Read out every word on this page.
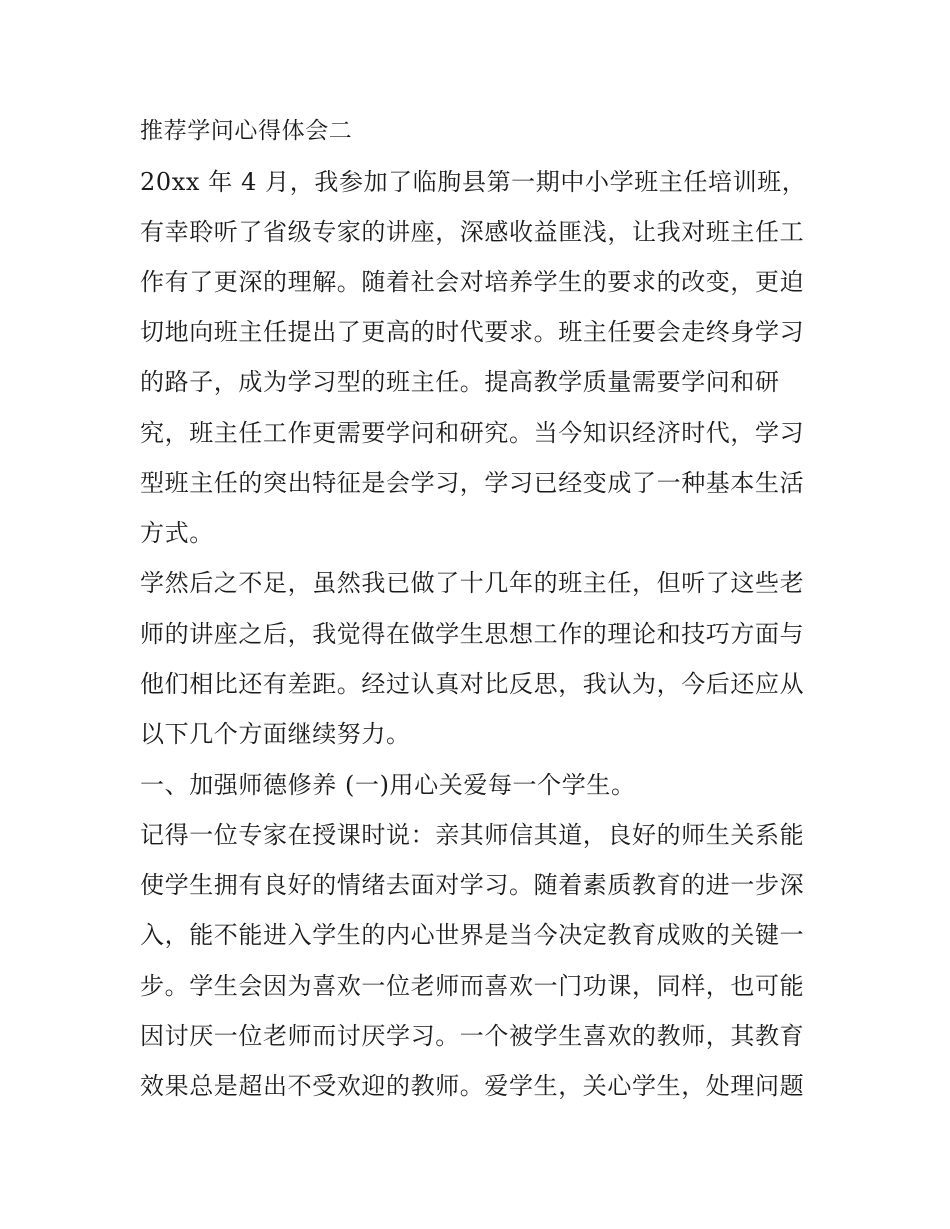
推荐学问心得体会二

20xx 年 4 月，我参加了临朐县第一期中小学班主任培训班，

有幸聆听了省级专家的讲座，深感收益匪浅，让我对班主任工

作有了更深的理解。随着社会对培养学生的要求的改变，更迫

切地向班主任提出了更高的时代要求。班主任要会走终身学习

的路子，成为学习型的班主任。提高教学质量需要学问和研

究，班主任工作更需要学问和研究。当今知识经济时代，学习

型班主任的突出特征是会学习，学习已经变成了一种基本生活

方式。

学然后之不足，虽然我已做了十几年的班主任，但听了这些老

师的讲座之后，我觉得在做学生思想工作的理论和技巧方面与

他们相比还有差距。经过认真对比反思，我认为，今后还应从

以下几个方面继续努力。

一、加强师德修养 (一)用心关爱每一个学生。

记得一位专家在授课时说：亲其师信其道，良好的师生关系能

使学生拥有良好的情绪去面对学习。随着素质教育的进一步深

入，能不能进入学生的内心世界是当今决定教育成败的关键一

步。学生会因为喜欢一位老师而喜欢一门功课，同样，也可能

因讨厌一位老师而讨厌学习。一个被学生喜欢的教师，其教育

效果总是超出不受欢迎的教师。爱学生，关心学生，处理问题
